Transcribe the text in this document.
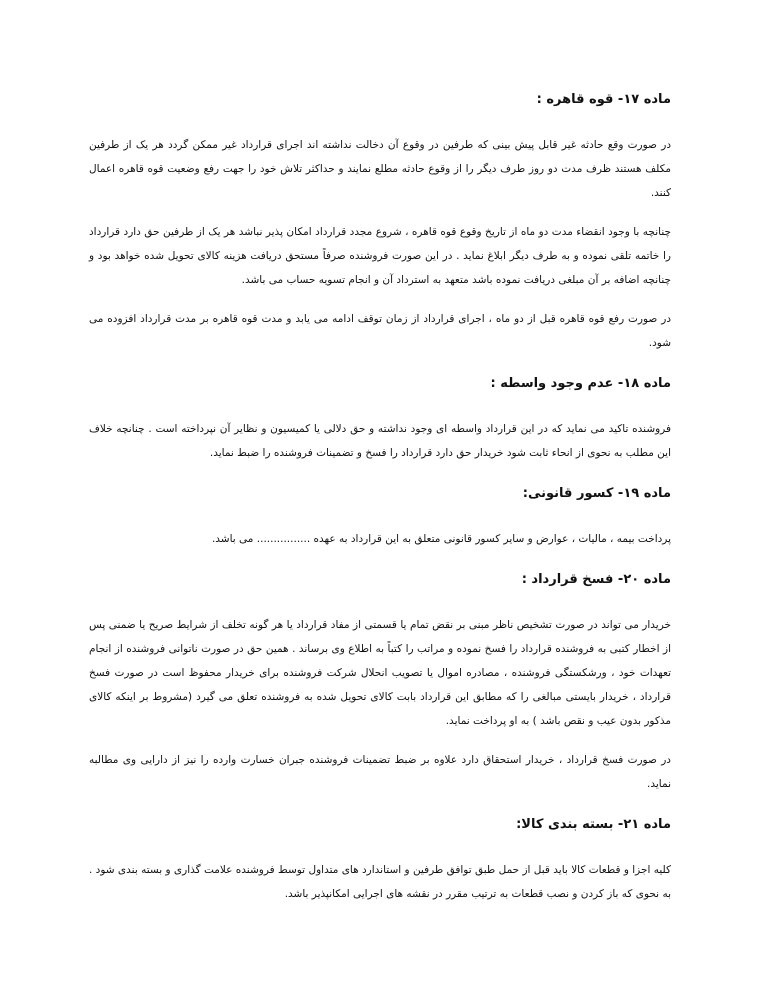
ماده ۱۷- قوه قاهره :

در صورت وقع حادثه غیر قابل پیش بینی که طرفین در وقوع آن دخالت نداشته اند اجرای قرارداد غیر ممکن گردد هر یک از طرفین مکلف هستند ظرف مدت دو روز طرف دیگر را از وقوع حادثه مطلع نمایند و حداکثر تلاش خود را جهت رفع وضعیت قوه قاهره اعمال کنند.

چنانچه با وجود انقضاء مدت دو ماه از تاریخ وقوع قوه قاهره ، شروع مجدد قرارداد امکان پذیر نباشد هر یک از طرفین حق دارد قرارداد را خاتمه تلقی نموده و به طرف دیگر ابلاغ نماید . در این صورت فروشنده صرفاً مستحق دریافت هزینه کالای تحویل شده خواهد بود و چنانچه اضافه بر آن مبلغی دریافت نموده باشد متعهد به استرداد آن و انجام تسویه حساب می باشد.

در صورت رفع قوه قاهره قبل از دو ماه ، اجرای قرارداد از زمان توقف ادامه می یابد و مدت قوه قاهره بر مدت قرارداد افزوده می شود.

ماده ۱۸- عدم وجود واسطه :

فروشنده تاکید می نماید که در این قرارداد واسطه ای وجود نداشته و حق دلالی یا کمیسیون و نظایر آن نپرداخته است . چنانچه خلاف این مطلب به نحوی از انحاء ثابت شود خریدار حق دارد قرارداد را فسخ و تضمینات فروشنده را ضبط نماید.

ماده ۱۹- کسور قانونی:

پرداخت بیمه ، مالیات ، عوارض و سایر کسور قانونی متعلق به این قرارداد به عهده ................ می باشد.

ماده ۲۰- فسخ قرارداد :

خریدار می تواند در صورت تشخیص ناظر مبنی بر نقض تمام یا قسمتی از مفاد قرارداد یا هر گونه تخلف از شرایط صریح یا ضمنی پس از اخطار کتبی به فروشنده قرارداد را فسخ نموده و مراتب را کتباً به اطلاع وی برساند . همین حق در صورت ناتوانی فروشنده از انجام تعهدات خود ، ورشکستگی فروشنده ، مصادره اموال یا تصویب انحلال شرکت فروشنده برای خریدار محفوظ است در صورت فسخ قرارداد ، خریدار بایستی مبالغی را که مطابق این قرارداد بابت کالای تحویل شده به فروشنده تعلق می گیرد (مشروط بر اینکه کالای مذکور بدون عیب و نقص باشد ) به او پرداخت نماید.

در صورت فسخ قرارداد ، خریدار استحقاق دارد علاوه بر ضبط تضمینات فروشنده جبران خسارت وارده را نیز از دارایی وی مطالبه نماید.

ماده ۲۱- بسته بندی کالا:

کلیه اجزا و قطعات کالا باید قبل از حمل طبق توافق طرفین و استاندارد های متداول توسط فروشنده علامت گذاری و بسته بندی شود . به نحوی که باز کردن و نصب قطعات به ترتیب مقرر در نقشه های اجرایی امکانپذیر باشد.
